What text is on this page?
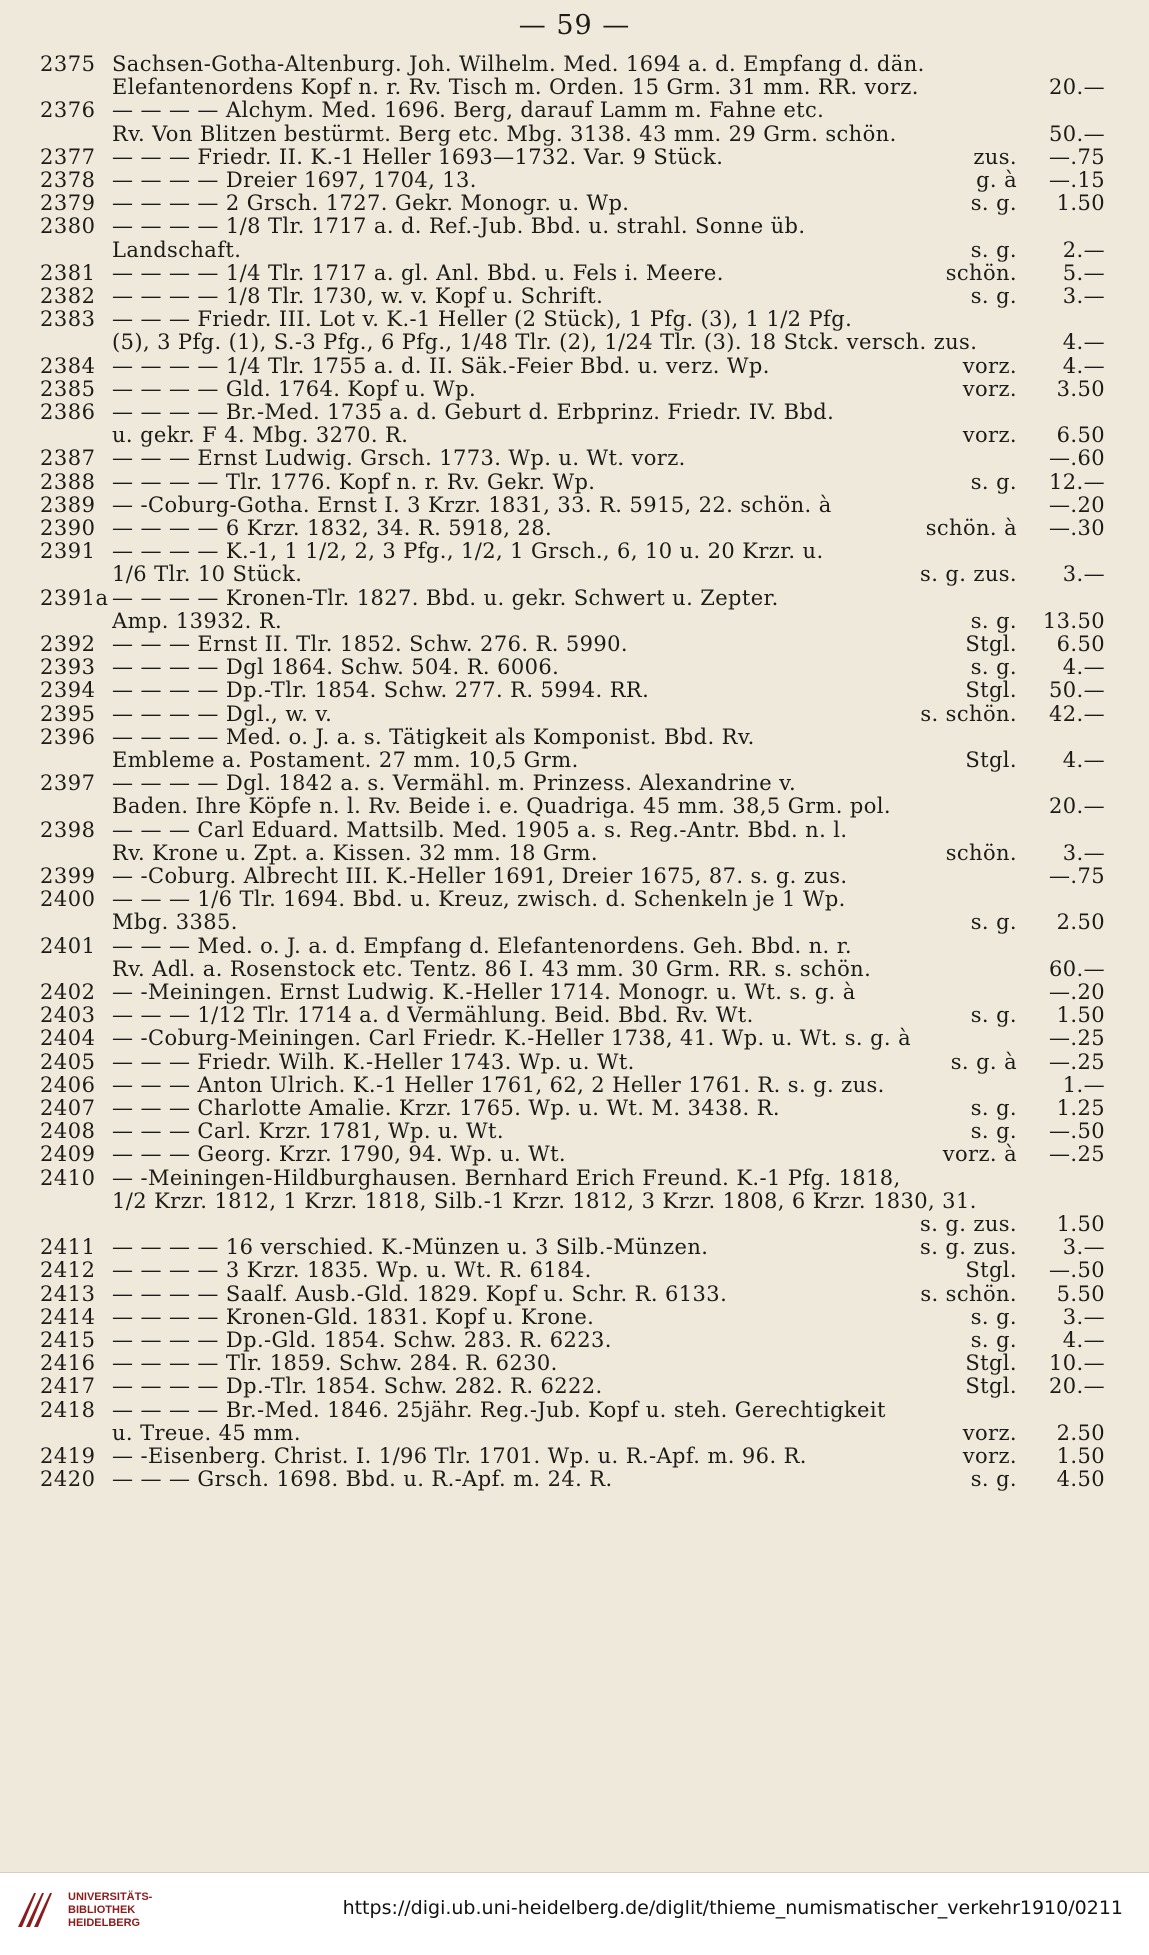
— 59 —
2375 Sachsen-Gotha-Altenburg. Joh. Wilhelm. Med. 1694 a. d. Empfang d. dän.
Elefantenordens Kopf n. r. Rv. Tisch m. Orden. 15 Grm. 31 mm. RR. vorz.	20.—
2376 — — — — Alchym. Med. 1696. Berg, darauf Lamm m. Fahne etc.
Rv. Von Blitzen bestürmt. Berg etc. Mbg. 3138. 43 mm. 29 Grm. schön.	50.—
2377 — — — Friedr. II. K.-1 Heller 1693—1732. Var. 9 Stück.	zus.	—.75
2378 — — — — Dreier 1697, 1704, 13.	g. à	—.15
2379 — — — — 2 Grsch. 1727. Gekr. Monogr. u. Wp.	s. g.	1.50
2380 — — — — 1/8 Tlr. 1717 a. d. Ref.-Jub. Bbd. u. strahl. Sonne üb.
Landschaft.	s. g.	2.—
2381 — — — — 1/4 Tlr. 1717 a. gl. Anl. Bbd. u. Fels i. Meere.	schön.	5.—
2382 — — — — 1/8 Tlr. 1730, w. v. Kopf u. Schrift.	s. g.	3.—
2383 — — — Friedr. III. Lot v. K.-1 Heller (2 Stück), 1 Pfg. (3), 1 1/2 Pfg.
(5), 3 Pfg. (1), S.-3 Pfg., 6 Pfg., 1/48 Tlr. (2), 1/24 Tlr. (3). 18 Stck. versch. zus.	4.—
2384 — — — — 1/4 Tlr. 1755 a. d. II. Säk.-Feier Bbd. u. verz. Wp.	vorz.	4.—
2385 — — — — Gld. 1764. Kopf u. Wp.	vorz.	3.50
2386 — — — — Br.-Med. 1735 a. d. Geburt d. Erbprinz. Friedr. IV. Bbd.
u. gekr. F 4. Mbg. 3270. R.	vorz.	6.50
2387 — — — Ernst Ludwig. Grsch. 1773. Wp. u. Wt. vorz.	—.60
2388 — — — — Tlr. 1776. Kopf n. r. Rv. Gekr. Wp.	s. g.	12.—
2389 — -Coburg-Gotha. Ernst I. 3 Krzr. 1831, 33. R. 5915, 22. schön. à	—.20
2390 — — — — 6 Krzr. 1832, 34. R. 5918, 28.	schön. à	—.30
2391 — — — — K.-1, 1 1/2, 2, 3 Pfg., 1/2, 1 Grsch., 6, 10 u. 20 Krzr. u.
1/6 Tlr. 10 Stück.	s. g. zus.	3.—
2391a — — — — Kronen-Tlr. 1827. Bbd. u. gekr. Schwert u. Zepter.
Amp. 13932. R.	s. g.	13.50
2392 — — — Ernst II. Tlr. 1852. Schw. 276. R. 5990.	Stgl.	6.50
2393 — — — — Dgl 1864. Schw. 504. R. 6006.	s. g.	4.—
2394 — — — — Dp.-Tlr. 1854. Schw. 277. R. 5994. RR.	Stgl.	50.—
2395 — — — — Dgl., w. v.	s. schön.	42.—
2396 — — — — Med. o. J. a. s. Tätigkeit als Komponist. Bbd. Rv.
Embleme a. Postament. 27 mm. 10,5 Grm.	Stgl.	4.—
2397 — — — — Dgl. 1842 a. s. Vermähl. m. Prinzess. Alexandrine v.
Baden. Ihre Köpfe n. l. Rv. Beide i. e. Quadriga. 45 mm. 38,5 Grm. pol.	20.—
2398 — — — Carl Eduard. Mattsilb. Med. 1905 a. s. Reg.-Antr. Bbd. n. l.
Rv. Krone u. Zpt. a. Kissen. 32 mm. 18 Grm.	schön.	3.—
2399 — -Coburg. Albrecht III. K.-Heller 1691, Dreier 1675, 87. s. g. zus.	—.75
2400 — — — 1/6 Tlr. 1694. Bbd. u. Kreuz, zwisch. d. Schenkeln je 1 Wp.
Mbg. 3385.	s. g.	2.50
2401 — — — Med. o. J. a. d. Empfang d. Elefantenordens. Geh. Bbd. n. r.
Rv. Adl. a. Rosenstock etc. Tentz. 86 I. 43 mm. 30 Grm. RR. s. schön.	60.—
2402 — -Meiningen. Ernst Ludwig. K.-Heller 1714. Monogr. u. Wt. s. g. à	—.20
2403 — — — 1/12 Tlr. 1714 a. d Vermählung. Beid. Bbd. Rv. Wt.	s. g.	1.50
2404 — -Coburg-Meiningen. Carl Friedr. K.-Heller 1738, 41. Wp. u. Wt. s. g. à	—.25
2405 — — — Friedr. Wilh. K.-Heller 1743. Wp. u. Wt.	s. g. à	—.25
2406 — — — Anton Ulrich. K.-1 Heller 1761, 62, 2 Heller 1761. R. s. g. zus.	1.—
2407 — — — Charlotte Amalie. Krzr. 1765. Wp. u. Wt. M. 3438. R.	s. g.	1.25
2408 — — — Carl. Krzr. 1781, Wp. u. Wt.	s. g.	—.50
2409 — — — Georg. Krzr. 1790, 94. Wp. u. Wt.	vorz. à	—.25
2410 — -Meiningen-Hildburghausen. Bernhard Erich Freund. K.-1 Pfg. 1818,
1/2 Krzr. 1812, 1 Krzr. 1818, Silb.-1 Krzr. 1812, 3 Krzr. 1808, 6 Krzr. 1830, 31.
s. g. zus.	1.50
2411 — — — — 16 verschied. K.-Münzen u. 3 Silb.-Münzen.	s. g. zus.	3.—
2412 — — — — 3 Krzr. 1835. Wp. u. Wt. R. 6184.	Stgl.	—.50
2413 — — — — Saalf. Ausb.-Gld. 1829. Kopf u. Schr. R. 6133.	s. schön.	5.50
2414 — — — — Kronen-Gld. 1831. Kopf u. Krone.	s. g.	3.—
2415 — — — — Dp.-Gld. 1854. Schw. 283. R. 6223.	s. g.	4.—
2416 — — — — Tlr. 1859. Schw. 284. R. 6230.	Stgl.	10.—
2417 — — — — Dp.-Tlr. 1854. Schw. 282. R. 6222.	Stgl.	20.—
2418 — — — — Br.-Med. 1846. 25jähr. Reg.-Jub. Kopf u. steh. Gerechtigkeit
u. Treue. 45 mm.	vorz.	2.50
2419 — -Eisenberg. Christ. I. 1/96 Tlr. 1701. Wp. u. R.-Apf. m. 96. R.	vorz.	1.50
2420 — — — Grsch. 1698. Bbd. u. R.-Apf. m. 24. R.	s. g.	4.50
UNIVERSITÄTS-
BIBLIOTHEK
HEIDELBERG
https://digi.ub.uni-heidelberg.de/diglit/thieme_numismatischer_verkehr1910/0211
